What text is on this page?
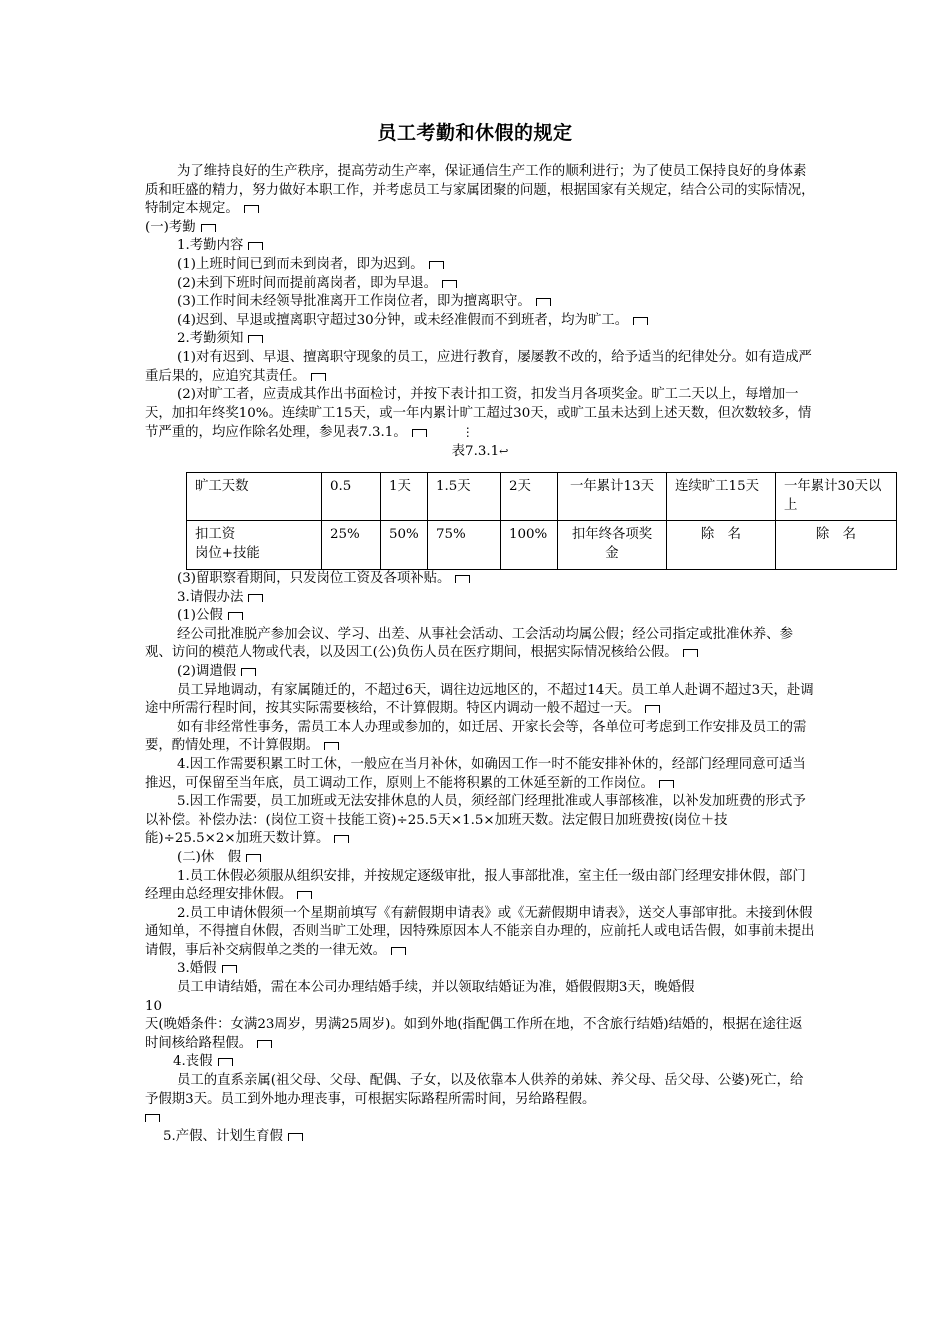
员工考勤和休假的规定

为了维持良好的生产秩序，提高劳动生产率，保证通信生产工作的顺利进行；为了使员工保持良好的身体素质和旺盛的精力，努力做好本职工作，并考虑员工与家属团聚的问题，根据国家有关规定，结合公司的实际情况，特制定本规定。

(一)考勤

1.考勤内容

(1)上班时间已到而未到岗者，即为迟到。

(2)未到下班时间而提前离岗者，即为早退。

(3)工作时间未经领导批准离开工作岗位者，即为擅离职守。

(4)迟到、早退或擅离职守超过30分钟，或未经准假而不到班者，均为旷工。

2.考勤须知

(1)对有迟到、早退、擅离职守现象的员工，应进行教育，屡屡教不改的，给予适当的纪律处分。如有造成严重后果的，应追究其责任。

(2)对旷工者，应责成其作出书面检讨，并按下表计扣工资，扣发当月各项奖金。旷工二天以上，每增加一天，加扣年终奖10%。连续旷工15天，或一年内累计旷工超过30天，或旷工虽未达到上述天数，但次数较多，情节严重的，均应作除名处理，参见表7.3.1。	⋮

表7.3.1↩

旷工天数	0.5	1天	1.5天	2天	一年累计13天	连续旷工15天	一年累计30天以上

扣工资
岗位+技能	25%	50%	75%	100%	扣年终各项奖金	除　名	除　名

(3)留职察看期间，只发岗位工资及各项补贴。

3.请假办法

(1)公假

经公司批准脱产参加会议、学习、出差、从事社会活动、工会活动均属公假；经公司指定或批准休养、参观、访问的模范人物或代表，以及因工(公)负伤人员在医疗期间，根据实际情况核给公假。

(2)调遣假

员工异地调动，有家属随迁的，不超过6天，调往边远地区的，不超过14天。员工单人赴调不超过3天，赴调途中所需行程时间，按其实际需要核给，不计算假期。特区内调动一般不超过一天。

如有非经常性事务，需员工本人办理或参加的，如迁居、开家长会等，各单位可考虑到工作安排及员工的需要，酌情处理，不计算假期。

4.因工作需要积累工时工休，一般应在当月补休，如确因工作一时不能安排补休的，经部门经理同意可适当推迟，可保留至当年底，员工调动工作，原则上不能将积累的工休延至新的工作岗位。

5.因工作需要，员工加班或无法安排休息的人员，须经部门经理批准或人事部核准，以补发加班费的形式予以补偿。补偿办法：(岗位工资＋技能工资)÷25.5天×1.5×加班天数。法定假日加班费按(岗位＋技能)÷25.5×2×加班天数计算。

(二)休　假

1.员工休假必须服从组织安排，并按规定逐级审批，报人事部批准，室主任一级由部门经理安排休假，部门经理由总经理安排休假。

2.员工申请休假须一个星期前填写《有薪假期申请表》或《无薪假期申请表》，送交人事部审批。未接到休假通知单，不得擅自休假，否则当旷工处理，因特殊原因本人不能亲自办理的，应前托人或电话告假，如事前未提出请假，事后补交病假单之类的一律无效。

3.婚假

员工申请结婚，需在本公司办理结婚手续，并以领取结婚证为准，婚假假期3天，晚婚假

10

天(晚婚条件：女满23周岁，男满25周岁)。如到外地(指配偶工作所在地，不含旅行结婚)结婚的，根据在途往返时间核给路程假。

4.丧假

员工的直系亲属(祖父母、父母、配偶、子女，以及依靠本人供养的弟妹、养父母、岳父母、公婆)死亡，给予假期3天。员工到外地办理丧事，可根据实际路程所需时间，另给路程假。

5.产假、计划生育假
